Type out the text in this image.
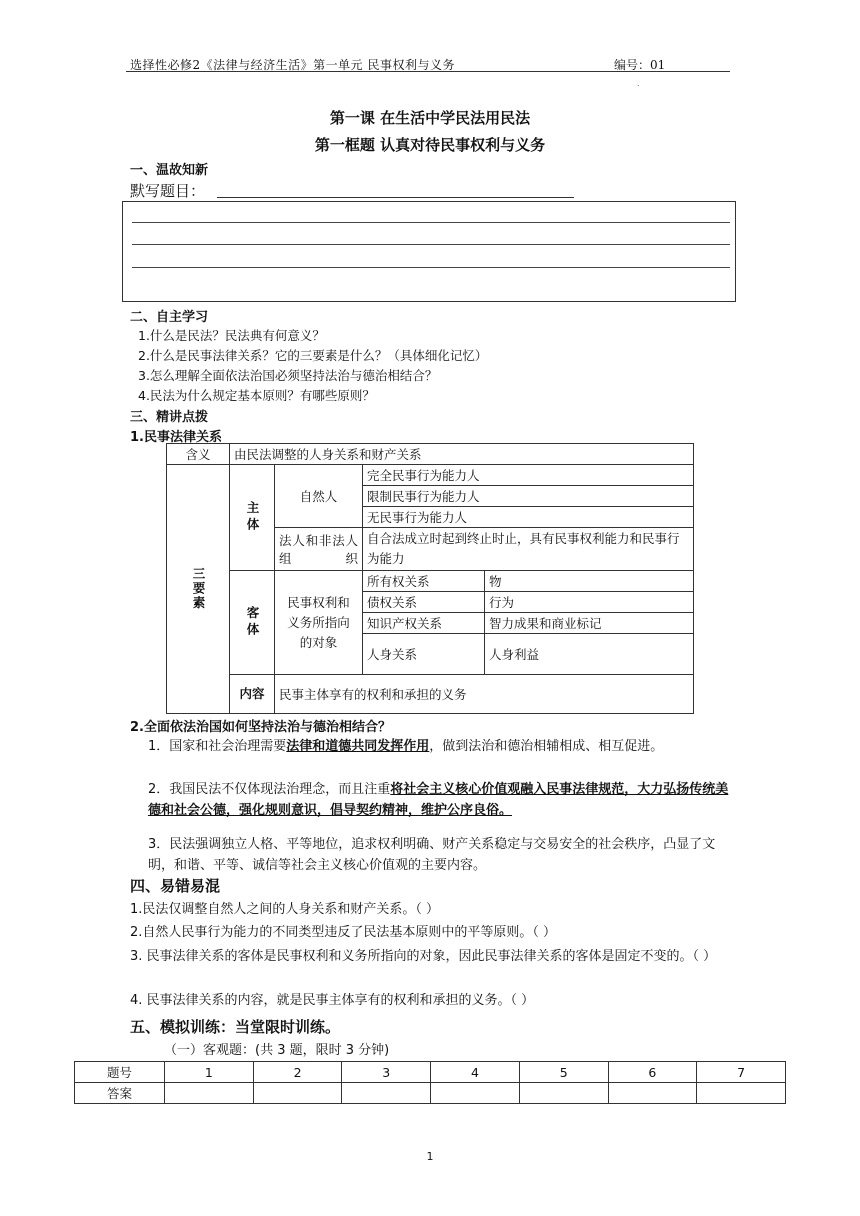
选择性必修2《法律与经济生活》第一单元 民事权利与义务	编号：01
.
第一课 在生活中学民法用民法
第一框题 认真对待民事权利与义务
一、温故知新
默写题目：
二、自主学习
1.什么是民法？民法典有何意义？
2.什么是民事法律关系？它的三要素是什么？（具体细化记忆）
3.怎么理解全面依法治国必须坚持法治与德治相结合？
4.民法为什么规定基本原则？有哪些原则？
三、精讲点拨
1.民事法律关系
含义	由民法调整的人身关系和财产关系			
三要素	主体	自然人	完全民事行为能力人	
			限制民事行为能力人	
			无民事行为能力人	
		法人和非法人组织	自合法成立时起到终止时止，具有民事权利能力和民事行为能力	
	客体	民事权利和义务所指向的对象	所有权关系	物
			债权关系	行为
			知识产权关系	智力成果和商业标记
			人身关系	人身利益

	内容	民事主体享有的权利和承担的义务		
2.全面依法治国如何坚持法治与德治相结合？
1．国家和社会治理需要法律和道德共同发挥作用，做到法治和德治相辅相成、相互促进。
2．我国民法不仅体现法治理念，而且注重将社会主义核心价值观融入民事法律规范，大力弘扬传统美德和社会公德，强化规则意识，倡导契约精神，维护公序良俗。
3．民法强调独立人格、平等地位，追求权利明确、财产关系稳定与交易安全的社会秩序，凸显了文明，和谐、平等、诚信等社会主义核心价值观的主要内容。
四、易错易混
1.民法仅调整自然人之间的人身关系和财产关系。（ ）
2.自然人民事行为能力的不同类型违反了民法基本原则中的平等原则。（ ）
3. 民事法律关系的客体是民事权利和义务所指向的对象，因此民事法律关系的客体是固定不变的。（ ）
4. 民事法律关系的内容，就是民事主体享有的权利和承担的义务。（ ）
五、模拟训练：当堂限时训练。
（一）客观题：(共 3 题，限时 3 分钟)
题号	1	2	3	4	5	6	7
答案							
1
